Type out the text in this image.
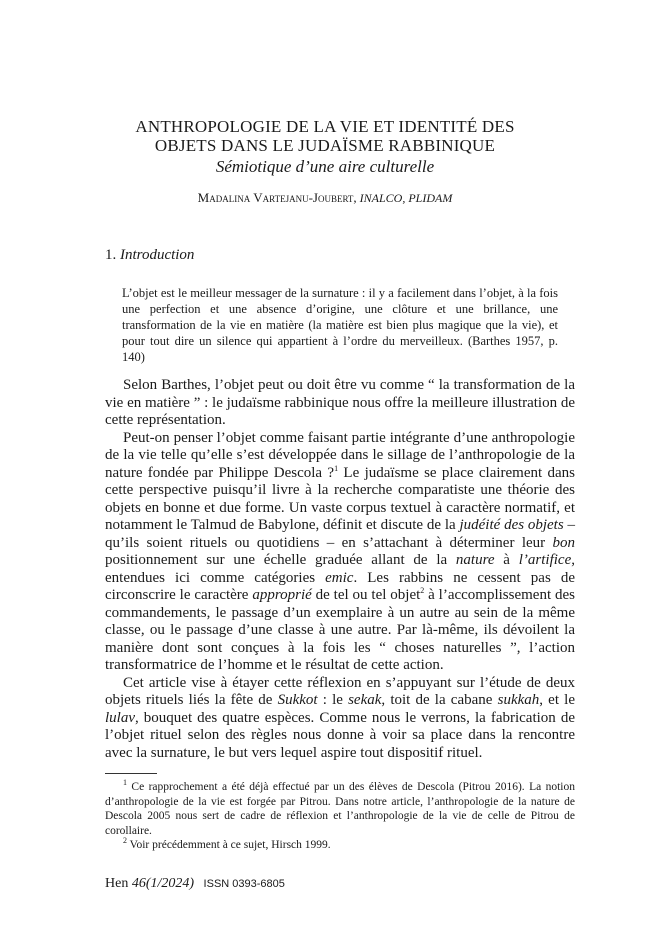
ANTHROPOLOGIE DE LA VIE ET IDENTITÉ DES
OBJETS DANS LE JUDAÏSME RABBINIQUE
Sémiotique d’une aire culturelle
Madalina Vartejanu-Joubert, INALCO, PLIDAM
1. Introduction
L’objet est le meilleur messager de la surnature : il y a facilement dans l’objet, à la fois une perfection et une absence d’origine, une clôture et une brillance, une transformation de la vie en matière (la matière est bien plus magique que la vie), et pour tout dire un silence qui appartient à l’ordre du merveilleux. (Barthes 1957, p. 140)

Selon Barthes, l’objet peut ou doit être vu comme “ la transformation de la vie en matière ” : le judaïsme rabbinique nous offre la meilleure illustration de cette représentation.

Peut-on penser l’objet comme faisant partie intégrante d’une anthropologie de la vie telle qu’elle s’est développée dans le sillage de l’anthropologie de la nature fondée par Philippe Descola ?$^1$ Le judaïsme se place clairement dans cette perspective puisqu’il livre à la recherche comparatiste une théorie des objets en bonne et due forme. Un vaste corpus textuel à caractère normatif, et notamment le Talmud de Babylone, définit et discute de la judéité des objets – qu’ils soient rituels ou quotidiens – en s’attachant à déterminer leur bon positionnement sur une échelle graduée allant de la nature à l’artifice, entendues ici comme catégories emic. Les rabbins ne cessent pas de circonscrire le caractère approprié de tel ou tel objet$^2$ à l’accomplissement des commandements, le passage d’un exemplaire à un autre au sein de la même classe, ou le passage d’une classe à une autre. Par là-même, ils dévoilent la manière dont sont conçues à la fois les “ choses naturelles ”, l’action transformatrice de l’homme et le résultat de cette action.

Cet article vise à étayer cette réflexion en s’appuyant sur l’étude de deux objets rituels liés la fête de Sukkot : le sekak, toit de la cabane sukkah, et le lulav, bouquet des quatre espèces. Comme nous le verrons, la fabrication de l’objet rituel selon des règles nous donne à voir sa place dans la rencontre avec la surnature, le but vers lequel aspire tout dispositif rituel.

$^1$ Ce rapprochement a été déjà effectué par un des élèves de Descola (Pitrou 2016). La notion d’anthropologie de la vie est forgée par Pitrou. Dans notre article, l’anthropologie de la nature de Descola 2005 nous sert de cadre de réflexion et l’anthropologie de la vie de celle de Pitrou de corollaire.

$^2$ Voir précédemment à ce sujet, Hirsch 1999.

Hen 46(1/2024) ISSN 0393-6805
